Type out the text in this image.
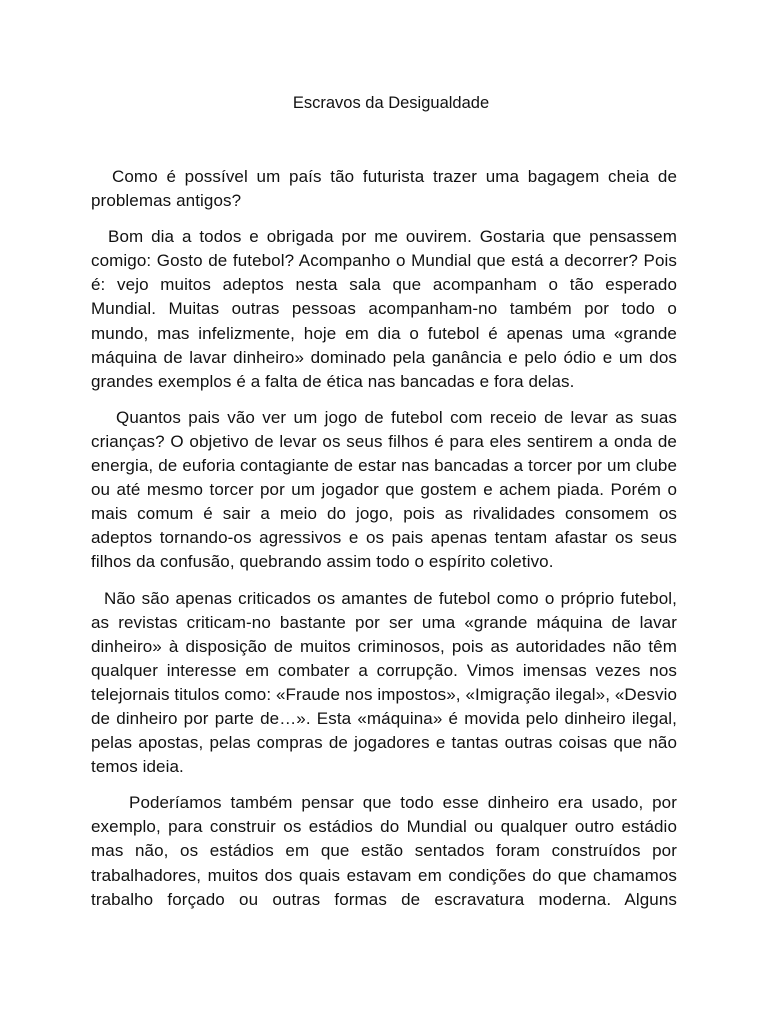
Escravos da Desigualdade

Como é possível um país tão futurista trazer uma bagagem cheia de problemas antigos?

Bom dia a todos e obrigada por me ouvirem. Gostaria que pensassem comigo: Gosto de futebol? Acompanho o Mundial que está a decorrer? Pois é: vejo muitos adeptos nesta sala que acompanham o tão esperado Mundial. Muitas outras pessoas acompanham-no também por todo o mundo, mas infelizmente, hoje em dia o futebol é apenas uma «grande máquina de lavar dinheiro» dominado pela ganância e pelo ódio e um dos grandes exemplos é a falta de ética nas bancadas e fora delas.

Quantos pais vão ver um jogo de futebol com receio de levar as suas crianças? O objetivo de levar os seus filhos é para eles sentirem a onda de energia, de euforia contagiante de estar nas bancadas a torcer por um clube ou até mesmo torcer por um jogador que gostem e achem piada. Porém o mais comum é sair a meio do jogo, pois as rivalidades consomem os adeptos tornando-os agressivos e os pais apenas tentam afastar os seus filhos da confusão, quebrando assim todo o espírito coletivo.

Não são apenas criticados os amantes de futebol como o próprio futebol, as revistas criticam-no bastante por ser uma «grande máquina de lavar dinheiro» à disposição de muitos criminosos, pois as autoridades não têm qualquer interesse em combater a corrupção. Vimos imensas vezes nos telejornais titulos como: «Fraude nos impostos», «Imigração ilegal», «Desvio de dinheiro por parte de…». Esta «máquina» é movida pelo dinheiro ilegal, pelas apostas, pelas compras de jogadores e tantas outras coisas que não temos ideia.

Poderíamos também pensar que todo esse dinheiro era usado, por exemplo, para construir os estádios do Mundial ou qualquer outro estádio mas não, os estádios em que estão sentados foram construídos por trabalhadores, muitos dos quais estavam em condições do que chamamos trabalho forçado ou outras formas de escravatura moderna. Alguns
